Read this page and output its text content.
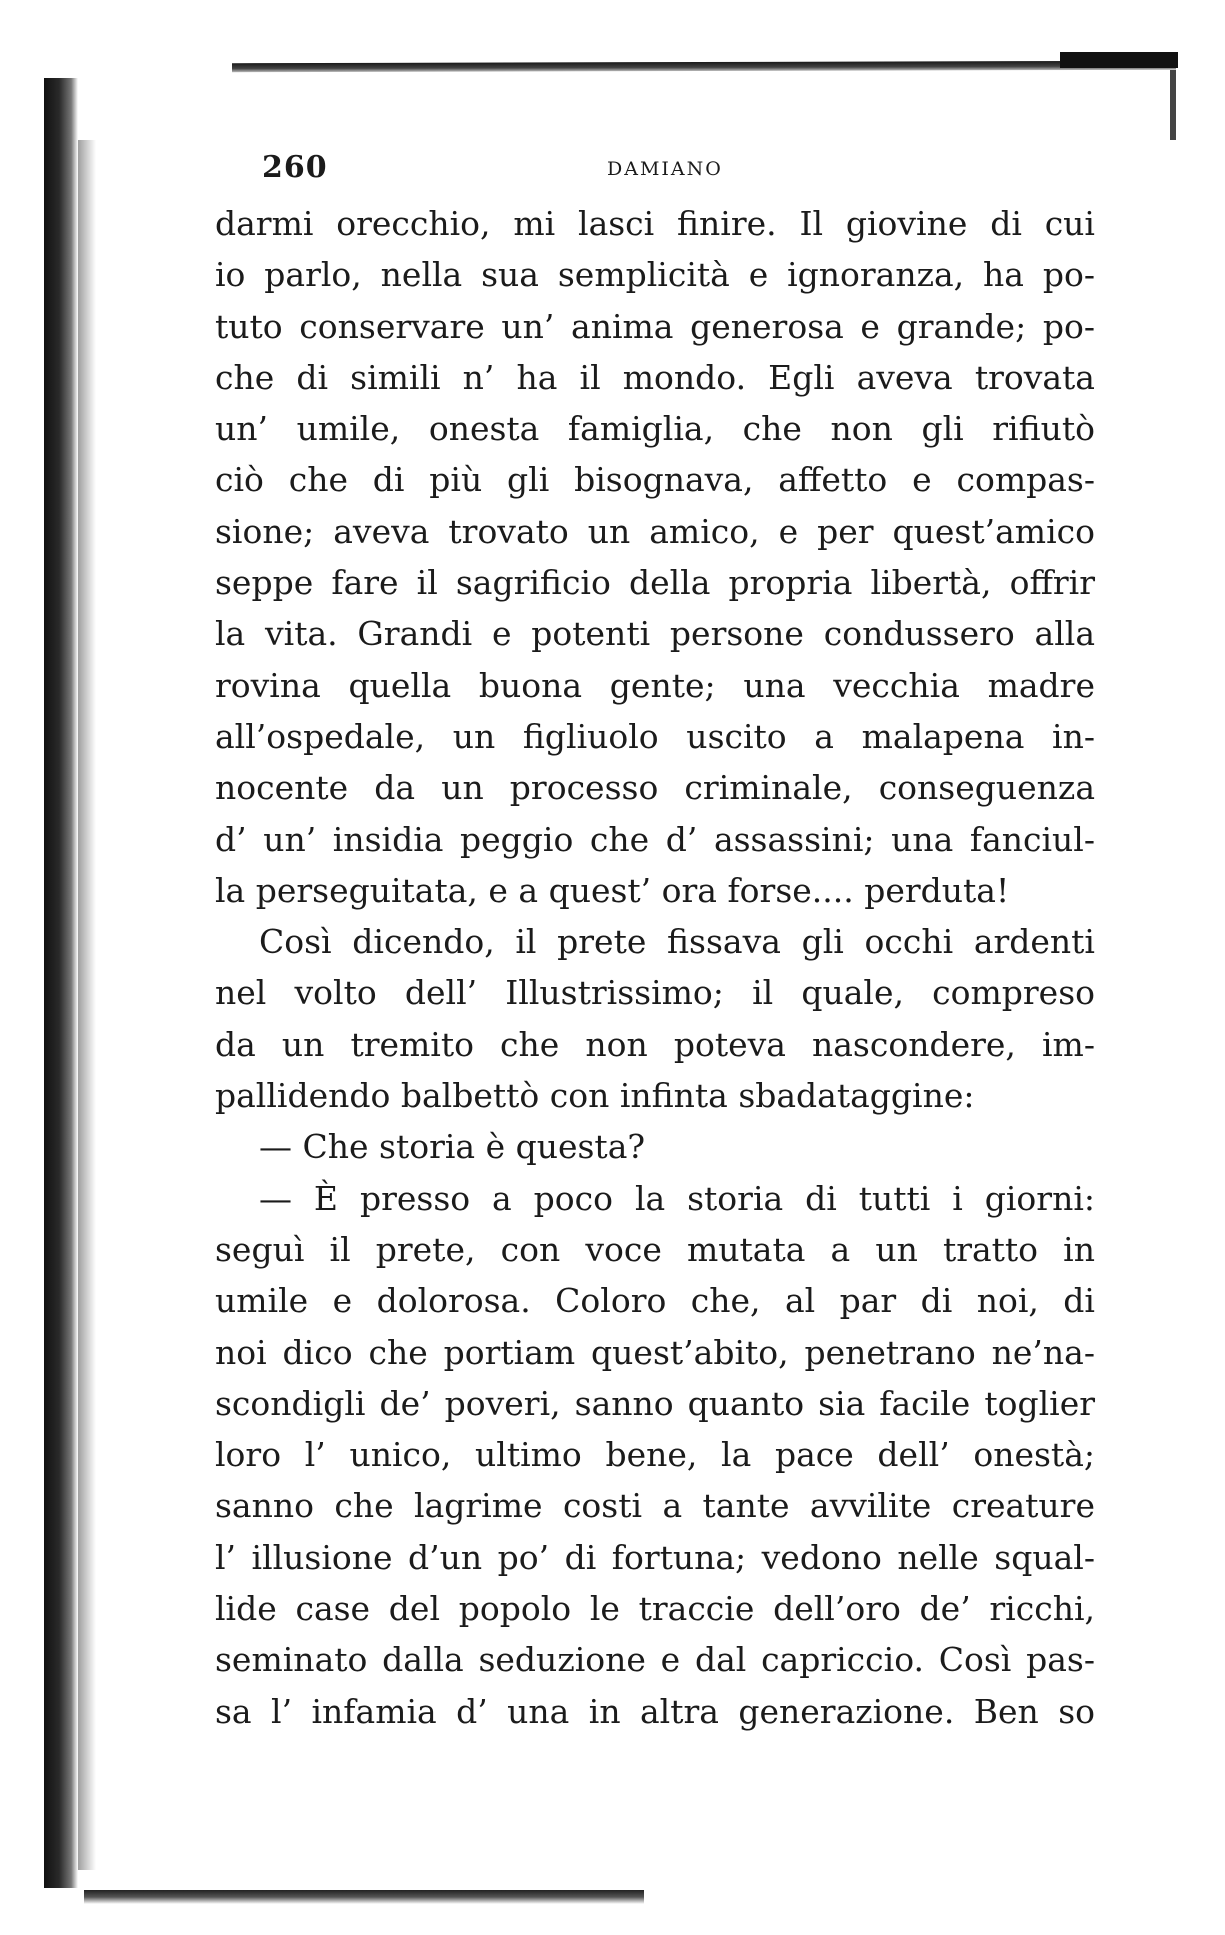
260	DAMIANO
darmi orecchio, mi lasci finire. Il giovine di cui
io parlo, nella sua semplicità e ignoranza, ha po-
tuto conservare un’ anima generosa e grande; po-
che di simili n’ ha il mondo. Egli aveva trovata
un’ umile, onesta famiglia, che non gli rifiutò
ciò che di più gli bisognava, affetto e compas-
sione; aveva trovato un amico, e per quest’amico
seppe fare il sagrificio della propria libertà, offrir
la vita. Grandi e potenti persone condussero alla
rovina quella buona gente; una vecchia madre
all’ospedale, un figliuolo uscito a malapena in-
nocente da un processo criminale, conseguenza
d’ un’ insidia peggio che d’ assassini; una fanciul-
la perseguitata, e a quest’ ora forse.... perduta!
Così dicendo, il prete fissava gli occhi ardenti
nel volto dell’ Illustrissimo; il quale, compreso
da un tremito che non poteva nascondere, im-
pallidendo balbettò con infinta sbadataggine:
— Che storia è questa?
— È presso a poco la storia di tutti i giorni:
seguì il prete, con voce mutata a un tratto in
umile e dolorosa. Coloro che, al par di noi, di
noi dico che portiam quest’abito, penetrano ne’na-
scondigli de’ poveri, sanno quanto sia facile toglier
loro l’ unico, ultimo bene, la pace dell’ onestà;
sanno che lagrime costi a tante avvilite creature
l’ illusione d’un po’ di fortuna; vedono nelle squal-
lide case del popolo le traccie dell’oro de’ ricchi,
seminato dalla seduzione e dal capriccio. Così pas-
sa l’ infamia d’ una in altra generazione. Ben so
